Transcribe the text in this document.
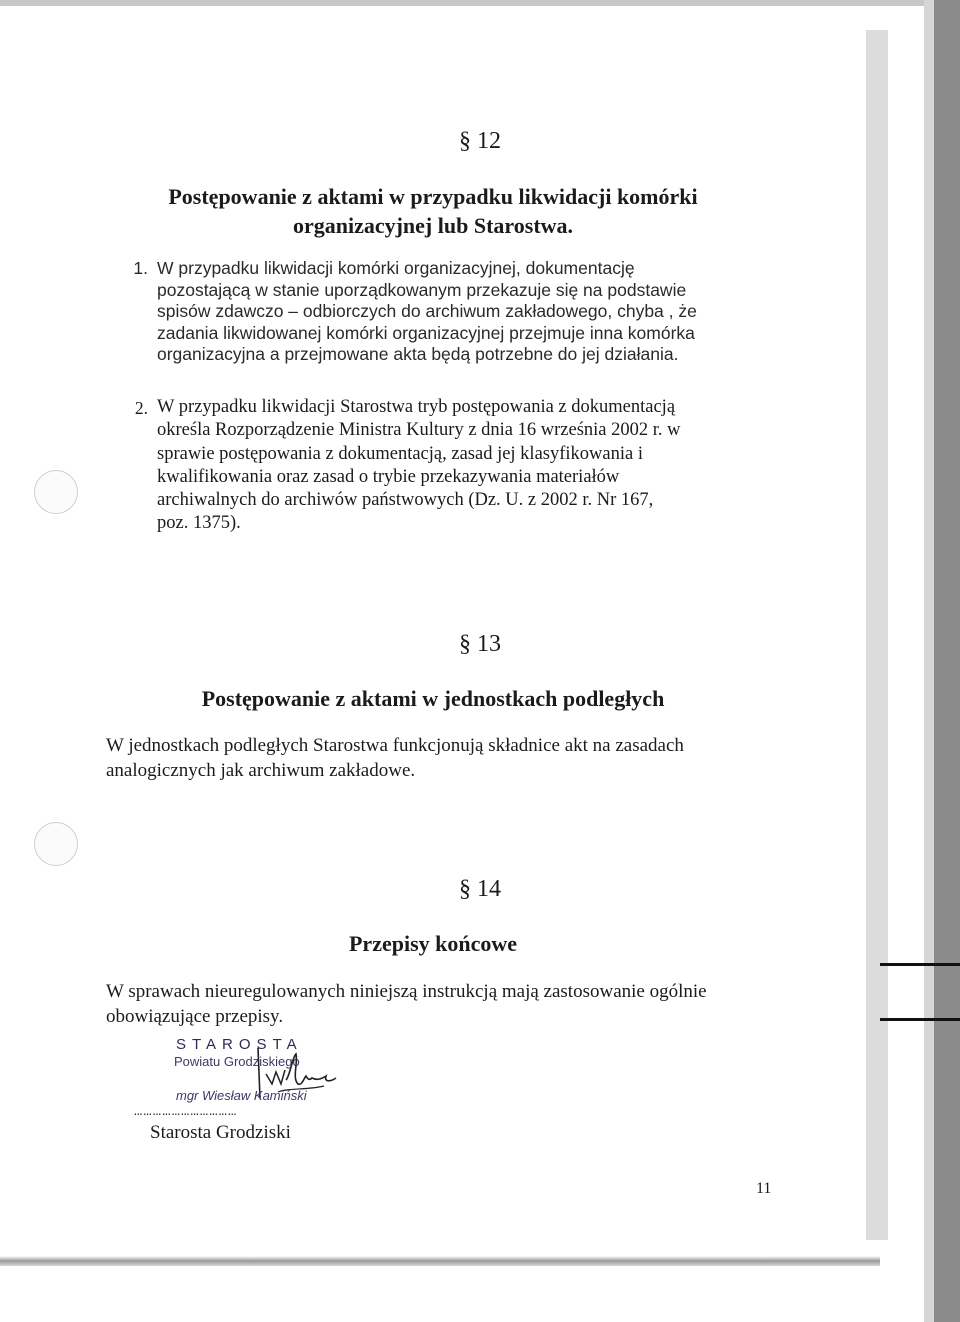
§ 12
Postępowanie z aktami w przypadku likwidacji komórki
organizacyjnej lub Starostwa.
1. W przypadku likwidacji komórki organizacyjnej, dokumentację
pozostającą w stanie uporządkowanym przekazuje się na podstawie
spisów zdawczo – odbiorczych do archiwum zakładowego, chyba , że
zadania likwidowanej komórki organizacyjnej przejmuje inna komórka
organizacyjna a przejmowane akta będą potrzebne do jej działania.
2. W przypadku likwidacji Starostwa tryb postępowania z dokumentacją
określa Rozporządzenie Ministra Kultury z dnia 16 września 2002 r. w
sprawie postępowania z dokumentacją, zasad jej klasyfikowania i
kwalifikowania oraz zasad o trybie przekazywania materiałów
archiwalnych do archiwów państwowych (Dz. U. z 2002 r. Nr 167,
poz. 1375).
§ 13
Postępowanie z aktami w jednostkach podległych
W jednostkach podległych Starostwa funkcjonują składnice akt na zasadach
analogicznych jak archiwum zakładowe.
§ 14
Przepisy końcowe
W sprawach nieuregulowanych niniejszą instrukcją mają zastosowanie ogólnie
obowiązujące przepisy.
STAROSTA
Powiatu Grodziskiego
mgr Wiesław Kamiński
……………………………
Starosta Grodziski
11
